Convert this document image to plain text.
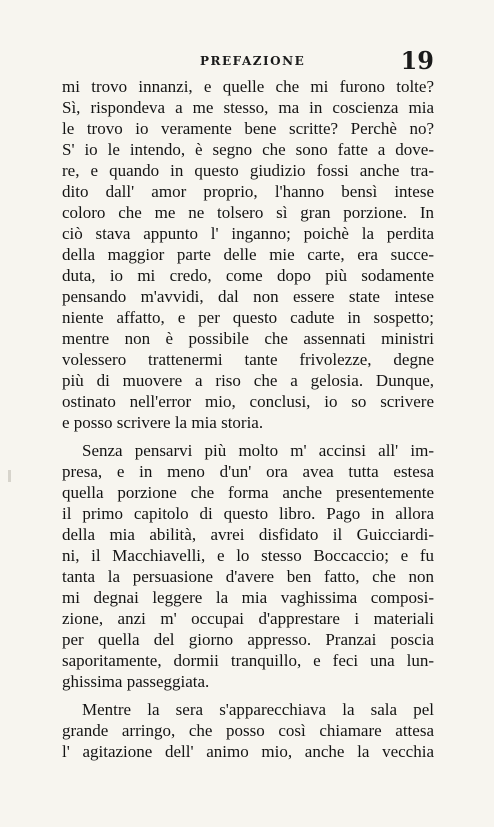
PREFAZIONE	19
mi trovo innanzi, e quelle che mi furono tolte?
Sì, rispondeva a me stesso, ma in coscienza mia
le trovo io veramente bene scritte? Perchè no?
S' io le intendo, è segno che sono fatte a dove-
re, e quando in questo giudizio fossi anche tra-
dito dall' amor proprio, l'hanno bensì intese
coloro che me ne tolsero sì gran porzione. In
ciò stava appunto l' inganno; poichè la perdita
della maggior parte delle mie carte, era succe-
duta, io mi credo, come dopo più sodamente
pensando m'avvidi, dal non essere state intese
niente affatto, e per questo cadute in sospetto;
mentre non è possibile che assennati ministri
volessero trattenermi tante frivolezze, degne
più di muovere a riso che a gelosia. Dunque,
ostinato nell'error mio, conclusi, io so scrivere
e posso scrivere la mia storia.
Senza pensarvi più molto m' accinsi all' im-
presa, e in meno d'un' ora avea tutta estesa
quella porzione che forma anche presentemente
il primo capitolo di questo libro. Pago in allora
della mia abilità, avrei disfidato il Guicciardi-
ni, il Macchiavelli, e lo stesso Boccaccio; e fu
tanta la persuasione d'avere ben fatto, che non
mi degnai leggere la mia vaghissima composi-
zione, anzi m' occupai d'apprestare i materiali
per quella del giorno appresso. Pranzai poscia
saporitamente, dormii tranquillo, e feci una lun-
ghissima passeggiata.
Mentre la sera s'apparecchiava la sala pel
grande arringo, che posso così chiamare attesa
l' agitazione dell' animo mio, anche la vecchia
